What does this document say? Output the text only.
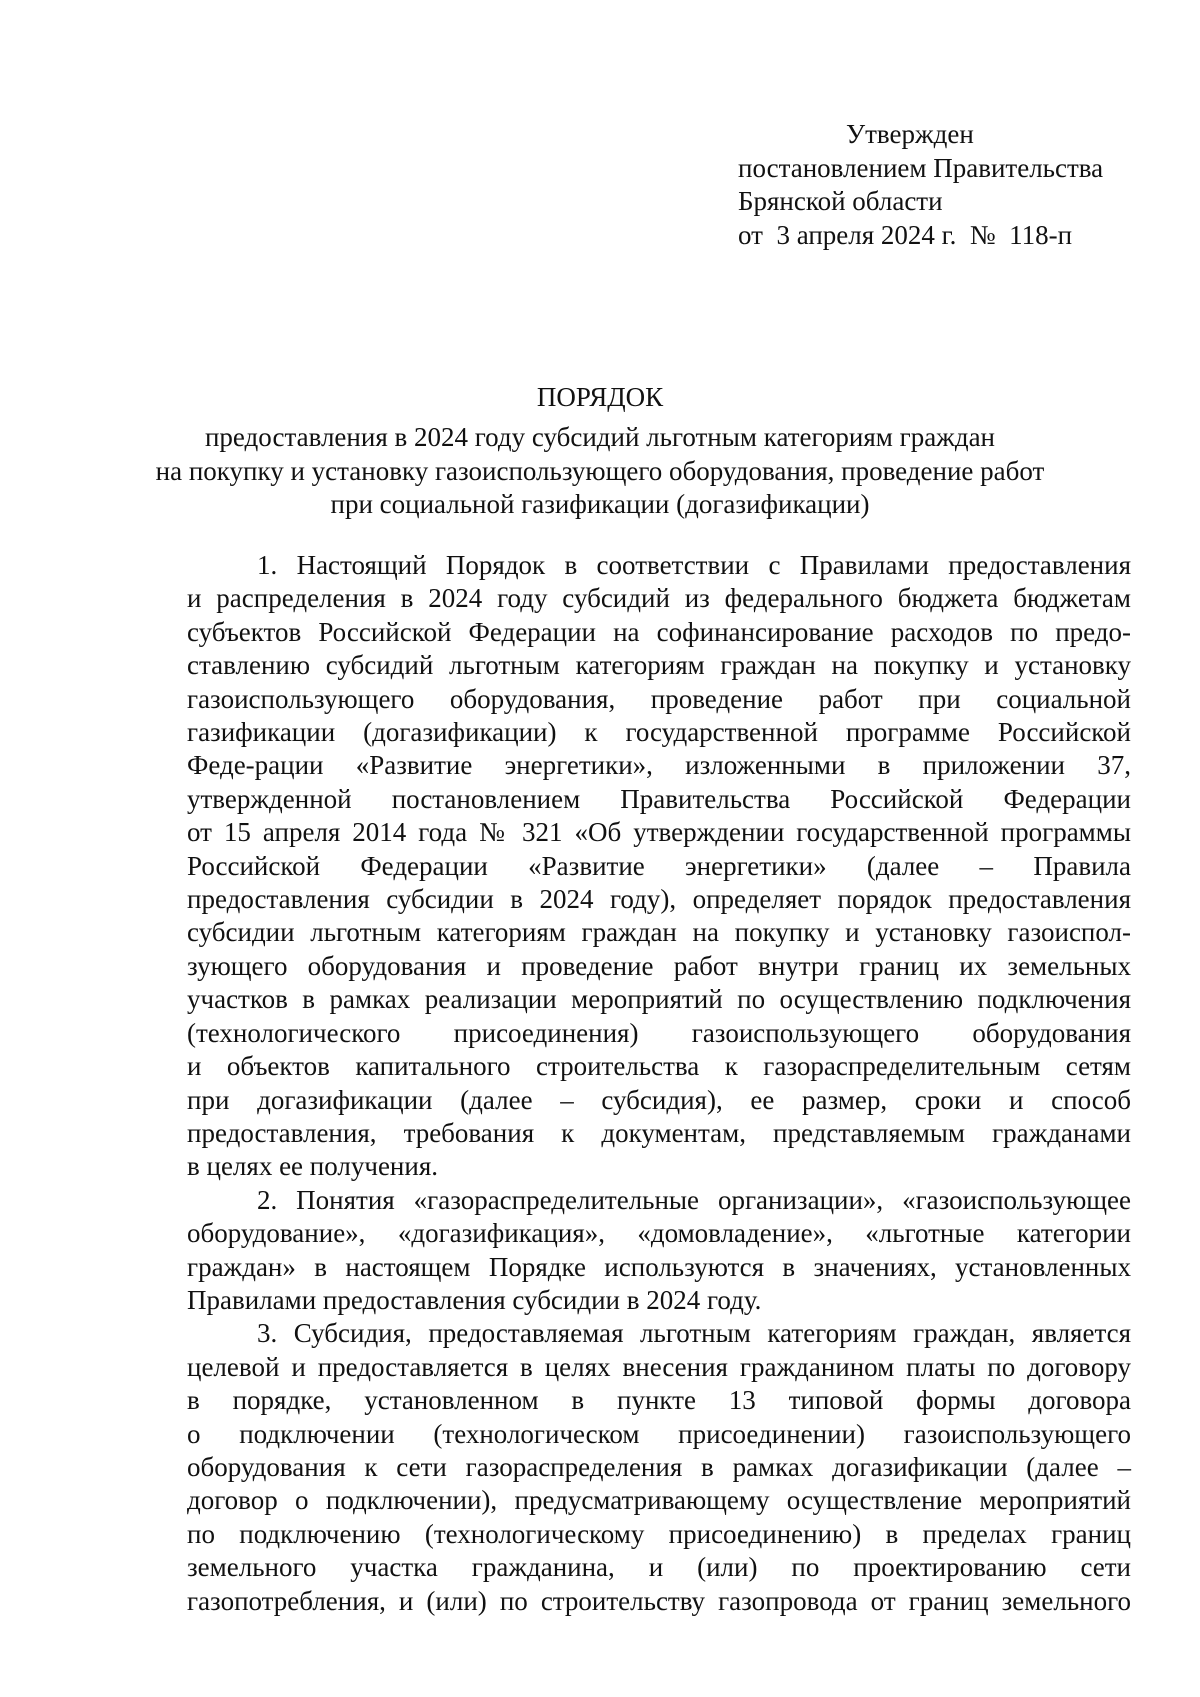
Утвержден
постановлением Правительства
Брянской области
от  3 апреля 2024 г.  №  118-п
ПОРЯДОК
предоставления в 2024 году субсидий льготным категориям граждан
на покупку и установку газоиспользующего оборудования, проведение работ
при социальной газификации (догазификации)
1. Настоящий Порядок в соответствии с Правилами предоставления
и распределения в 2024 году субсидий из федерального бюджета бюджетам
субъектов Российской Федерации на софинансирование расходов по предо-
ставлению субсидий льготным категориям граждан на покупку и установку
газоиспользующего оборудования, проведение работ при социальной
газификации (догазификации) к государственной программе Российской
Феде-рации «Развитие энергетики», изложенными в приложении 37,
утвержденной постановлением Правительства Российской Федерации
от 15 апреля 2014 года № 321 «Об утверждении государственной программы
Российской Федерации «Развитие энергетики» (далее – Правила
предоставления субсидии в 2024 году), определяет порядок предоставления
субсидии льготным категориям граждан на покупку и установку газоиспол-
зующего оборудования и проведение работ внутри границ их земельных
участков в рамках реализации мероприятий по осуществлению подключения
(технологического присоединения) газоиспользующего оборудования
и объектов капитального строительства к газораспределительным сетям
при догазификации (далее – субсидия), ее размер, сроки и способ
предоставления, требования к документам, представляемым гражданами
в целях ее получения.
2. Понятия «газораспределительные организации», «газоиспользующее
оборудование», «догазификация», «домовладение», «льготные категории
граждан» в настоящем Порядке используются в значениях, установленных
Правилами предоставления субсидии в 2024 году.
3. Субсидия, предоставляемая льготным категориям граждан, является
целевой и предоставляется в целях внесения гражданином платы по договору
в порядке, установленном в пункте 13 типовой формы договора
о подключении (технологическом присоединении) газоиспользующего
оборудования к сети газораспределения в рамках догазификации (далее –
договор о подключении), предусматривающему осуществление мероприятий
по подключению (технологическому присоединению) в пределах границ
земельного участка гражданина, и (или) по проектированию сети
газопотребления, и (или) по строительству газопровода от границ земельного
